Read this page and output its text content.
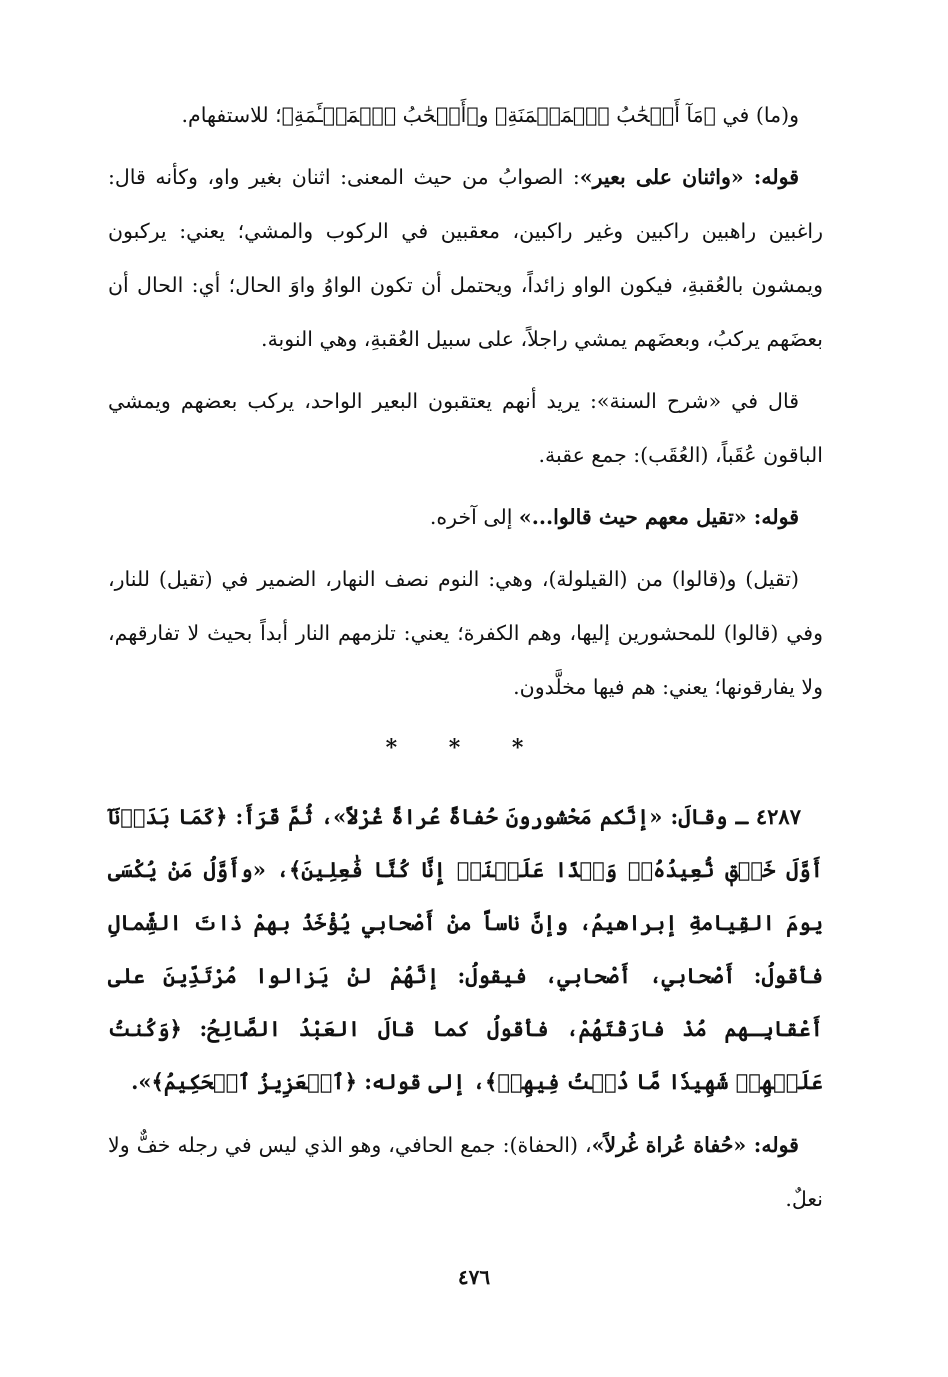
و(ما) في ﴿مَآ أَصۡحَٰبُ ٱلۡمَيۡمَنَةِ﴾ و﴿أَصۡحَٰبُ ٱلۡمَشۡـَٔمَةِ﴾؛ للاستفهام.

قوله: «واثنان على بعير»: الصوابُ من حيث المعنى: اثنان بغير واو، وكأنه قال: راغبين راهبين راكبين وغير راكبين، معقبين في الركوب والمشي؛ يعني: يركبون ويمشون بالعُقبةِ، فيكون الواو زائداً، ويحتمل أن تكون الواوُ واوَ الحال؛ أي: الحال أن بعضَهم يركبُ، وبعضَهم يمشي راجلاً، على سبيل العُقبةِ، وهي النوبة.

قال في «شرح السنة»: يريد أنهم يعتقبون البعير الواحد، يركب بعضهم ويمشي الباقون عُقَباً، (العُقَب): جمع عقبة.

قوله: «تقيل معهم حيث قالوا...» إلى آخره.

(تقيل) و(قالوا) من (القيلولة)، وهي: النوم نصف النهار، الضمير في (تقيل) للنار، وفي (قالوا) للمحشورين إليها، وهم الكفرة؛ يعني: تلزمهم النار أبداً بحيث لا تفارقهم، ولا يفارقونها؛ يعني: هم فيها مخلَّدون.

* * *

٤٢٨٧ ـ وقالَ: «إنَّكم مَحْشورونَ حُفاةً عُراةً غُرْلاً»، ثُمَّ قَرَأَ: ﴿كَمَا بَدَأۡنَآ أَوَّلَ خَلۡقٖ نُّعِيدُهُۥۚ وَعۡدًا عَلَيۡنَآۚ إِنَّا كُنَّا فَٰعِلِينَ﴾، «وأَوَّلُ مَنْ يُكْسَى يومَ القِيامةِ إبراهيمُ، وإنَّ ناساً منْ أَصْحابي يُؤْخَذُ بهمْ ذاتَ الشِّمالِ فأقولُ: أَصْحابي، أَصْحابي، فيقولُ: إنَّهُمْ لنْ يَزالوا مُرْتَدِّينَ على أَعْقابِـهم مُذْ فارَقْتَهُمْ، فأقولُ كما قالَ العَبْدُ الصَّالِحُ: ﴿وَكُنتُ عَلَيۡهِمۡ شَهِيدٗا مَّا دُمۡتُ فِيهِمۡ﴾، إلى قوله: ﴿ٱلۡعَزِيزُ ٱلۡحَكِيمُ﴾».

قوله: «حُفاة عُراة غُرلاً»، (الحفاة): جمع الحافي، وهو الذي ليس في رجله خفٌّ ولا نعلٌ.

٤٧٦
